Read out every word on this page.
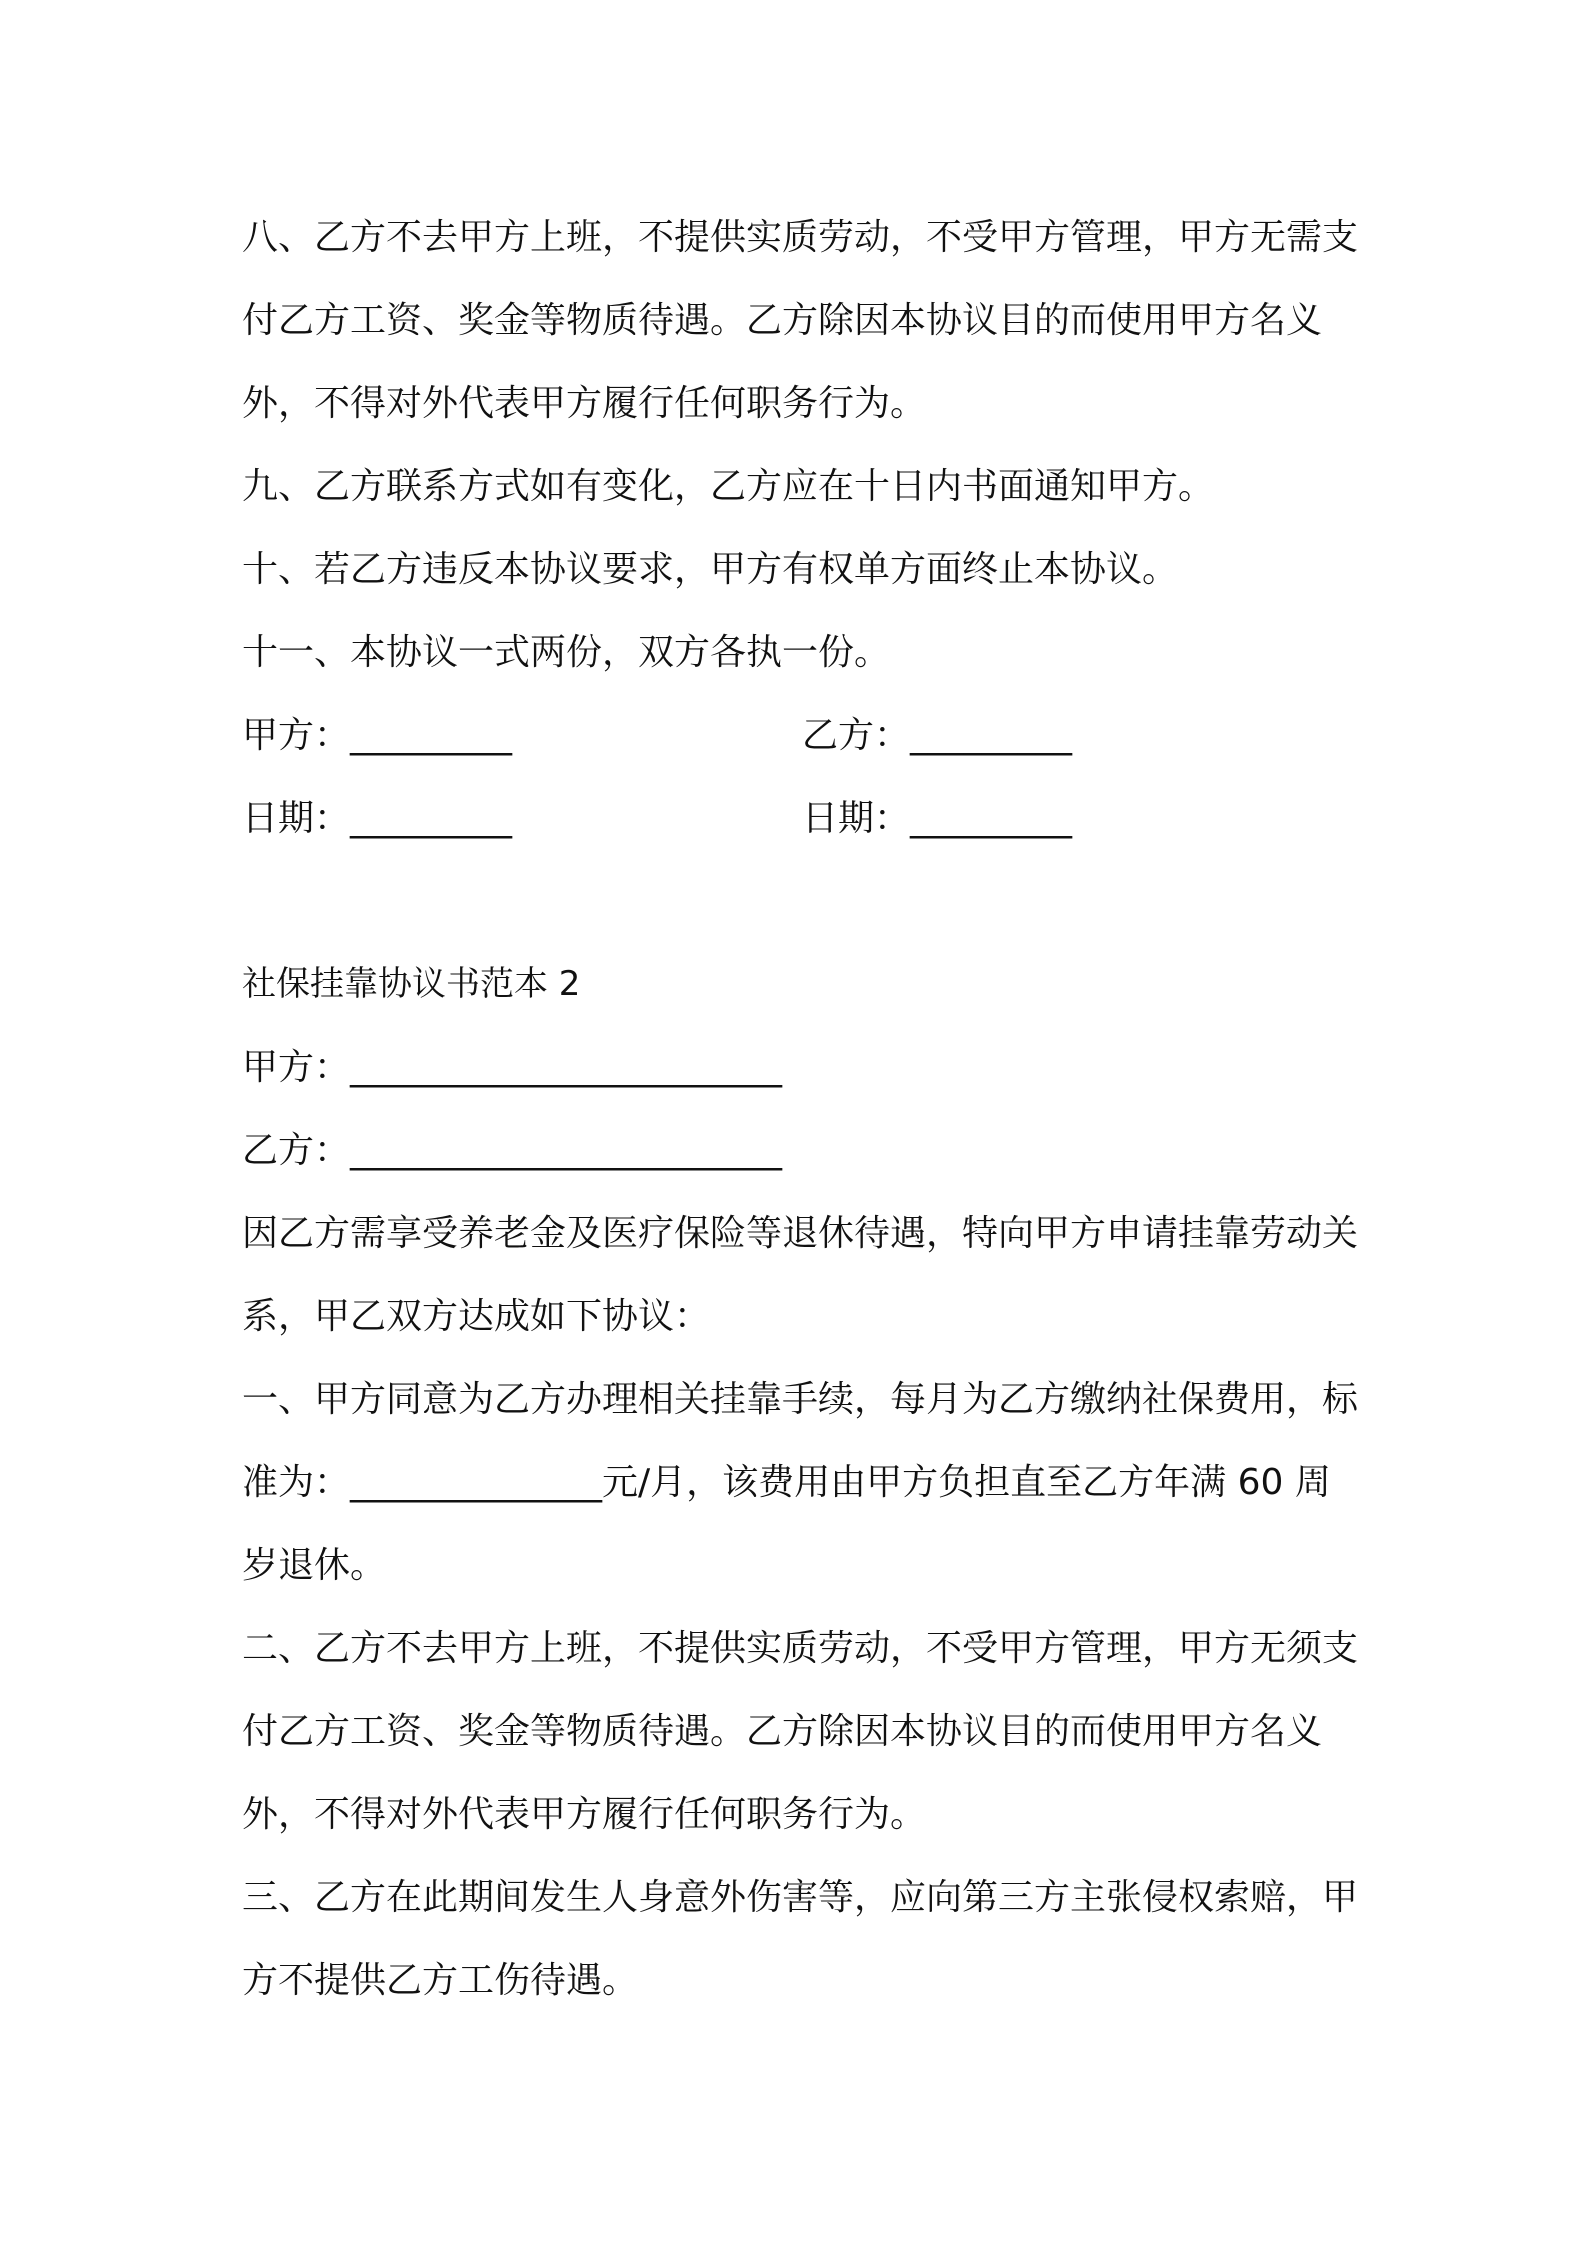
八、乙方不去甲方上班，不提供实质劳动，不受甲方管理，甲方无需支付乙方工资、奖金等物质待遇。乙方除因本协议目的而使用甲方名义外，不得对外代表甲方履行任何职务行为。

九、乙方联系方式如有变化，乙方应在十日内书面通知甲方。

十、若乙方违反本协议要求，甲方有权单方面终止本协议。

十一、本协议一式两份，双方各执一份。

甲方：_________	乙方：_________
日期：_________	日期：_________

社保挂靠协议书范本 2

甲方：________________________
乙方：________________________

因乙方需享受养老金及医疗保险等退休待遇，特向甲方申请挂靠劳动关系，甲乙双方达成如下协议：

一、甲方同意为乙方办理相关挂靠手续，每月为乙方缴纳社保费用，标准为：______________元/月，该费用由甲方负担直至乙方年满 60 周岁退休。

二、乙方不去甲方上班，不提供实质劳动，不受甲方管理，甲方无须支付乙方工资、奖金等物质待遇。乙方除因本协议目的而使用甲方名义外，不得对外代表甲方履行任何职务行为。

三、乙方在此期间发生人身意外伤害等，应向第三方主张侵权索赔，甲方不提供乙方工伤待遇。
